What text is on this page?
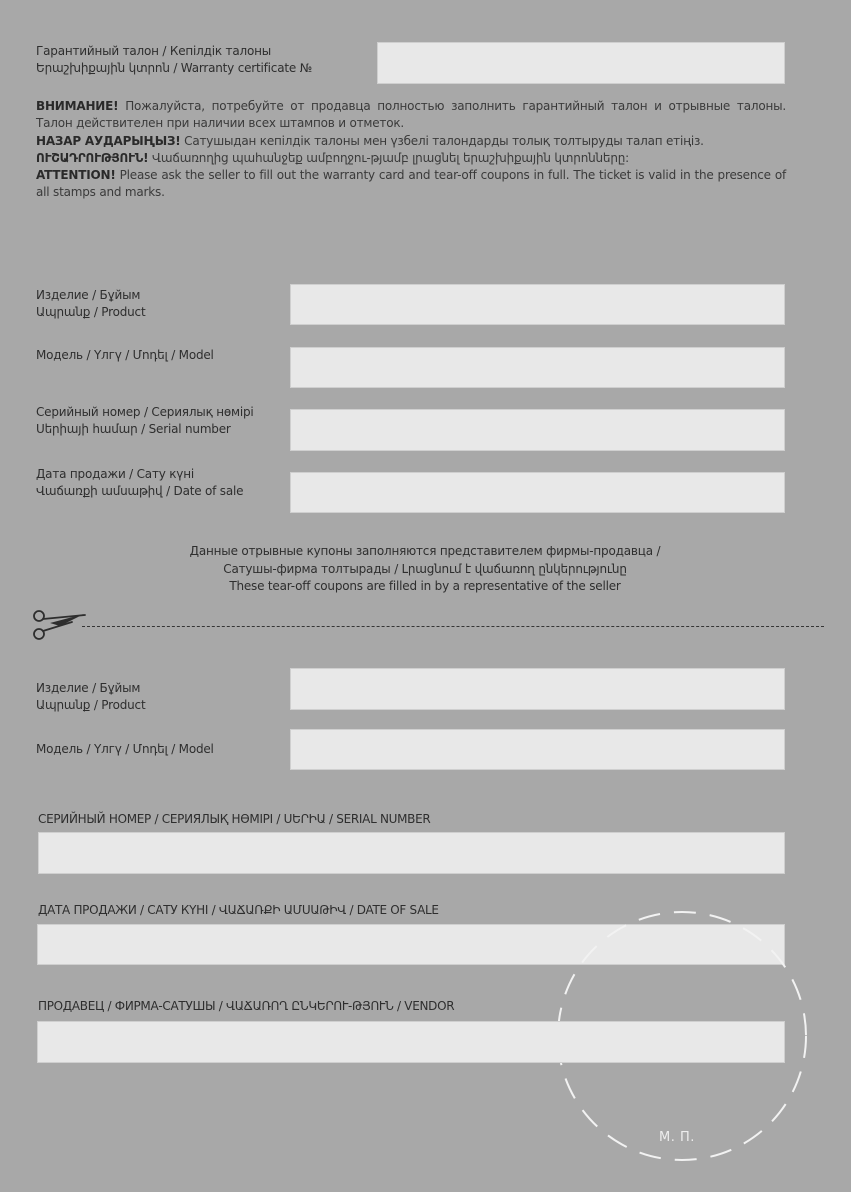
Гарантийный талон / Кепілдік талоны
Երաշխիքային կտրոն / Warranty certificate №

ВНИМАНИЕ! Пожалуйста, потребуйте от продавца полностью заполнить гарантийный талон и отрывные талоны. Талон действителен при наличии всех штампов и отметок.

НАЗАР АУДАРЫҢЫЗ! Сатушыдан кепілдік талоны мен үзбелі талондарды толық толтыруды талап етіңіз.

ՈՒՇԱԴՐՈՒԹՅՈՒՆ! Վաճառողից պահանջեք ամբողջու-թյամբ լրացնել երաշխիքային կտրոնները:

ATTENTION! Please ask the seller to fill out the warranty card and tear-off coupons in full. The ticket is valid in the presence of all stamps and marks.

Изделие / Бұйым
Ապրանք / Product
Модель / Үлгү / Մոդել / Model
Серийный номер / Сериялық нөмірі
Սերիայի համար / Serial number
Дата продажи / Сату күні
Վաճառքի ամսաթիվ / Date of sale
Данные отрывные купоны заполняются представителем фирмы-продавца /
Сатушы-фирма толтырады / Լրացնում է վաճառող ընկերությունը
These tear-off coupons are filled in by a representative of the seller
Изделие / Бұйым
Ապրանք / Product
Модель / Үлгү / Մոդել / Model
СЕРИЙНЫЙ НОМЕР / СЕРИЯЛЫҚ НӨМІРІ / ՍԵՐԻԱ / SERIAL NUMBER
ДАТА ПРОДАЖИ / САТУ КҮНІ / ՎԱՃԱՌՔԻ ԱՄՍԱԹԻՎ / DATE OF SALE
ПРОДАВЕЦ / ФИРМА-САТУШЫ / ՎԱՃԱՌՈՂ ԸՆԿԵՐՈՒ-ԹՅՈՒՆ / VENDOR
М. П.
